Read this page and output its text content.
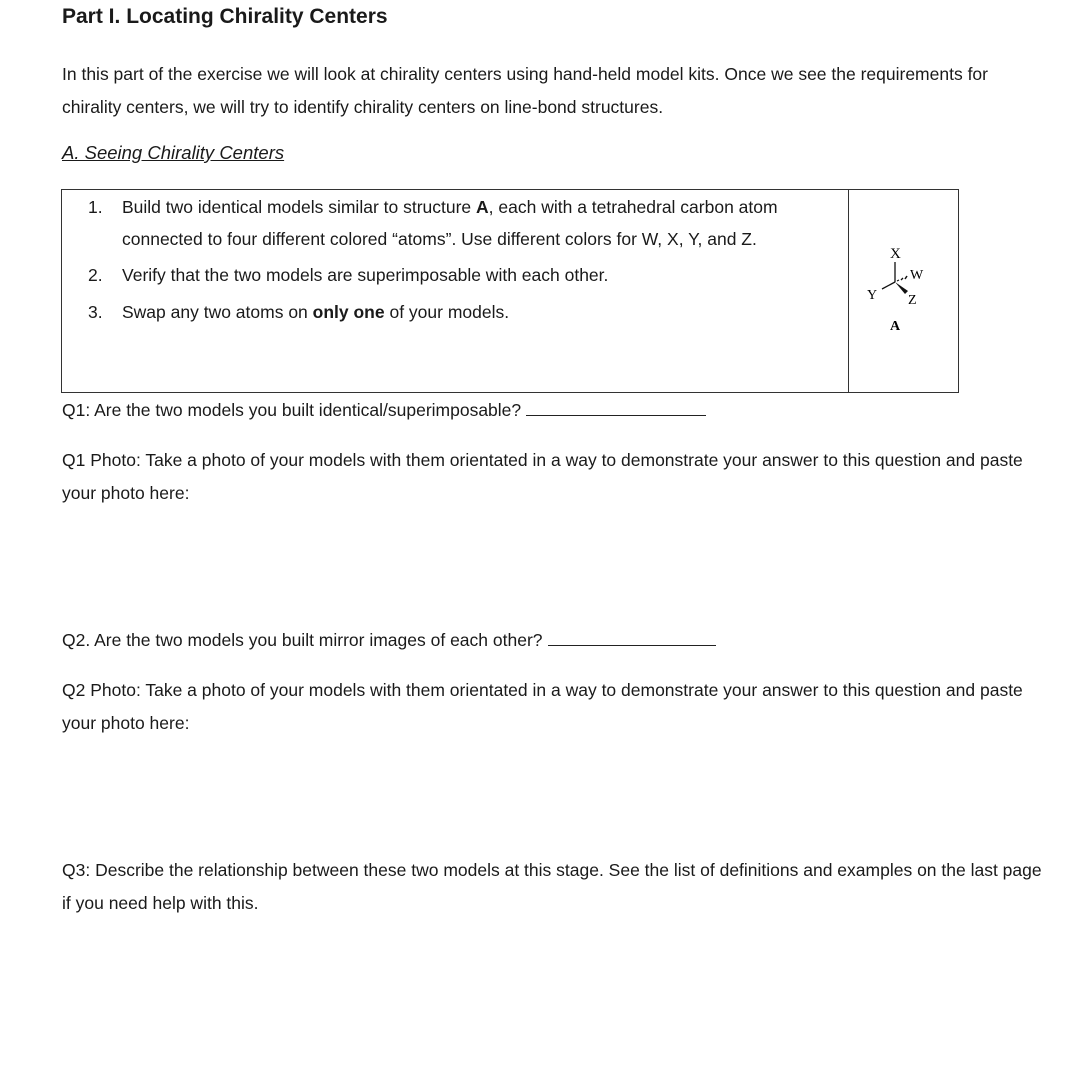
Part I. Locating Chirality Centers
In this part of the exercise we will look at chirality centers using hand-held model kits. Once we see the requirements for chirality centers, we will try to identify chirality centers on line-bond structures.
A. Seeing Chirality Centers
1. Build two identical models similar to structure A, each with a tetrahedral carbon atom connected to four different colored “atoms”. Use different colors for W, X, Y, and Z.
2. Verify that the two models are superimposable with each other.
3. Swap any two atoms on only one of your models.
X
W
Y Z
A
Q1: Are the two models you built identical/superimposable?
Q1 Photo: Take a photo of your models with them orientated in a way to demonstrate your answer to this question and paste your photo here:
Q2. Are the two models you built mirror images of each other?
Q2 Photo: Take a photo of your models with them orientated in a way to demonstrate your answer to this question and paste your photo here:
Q3: Describe the relationship between these two models at this stage. See the list of definitions and examples on the last page if you need help with this.
